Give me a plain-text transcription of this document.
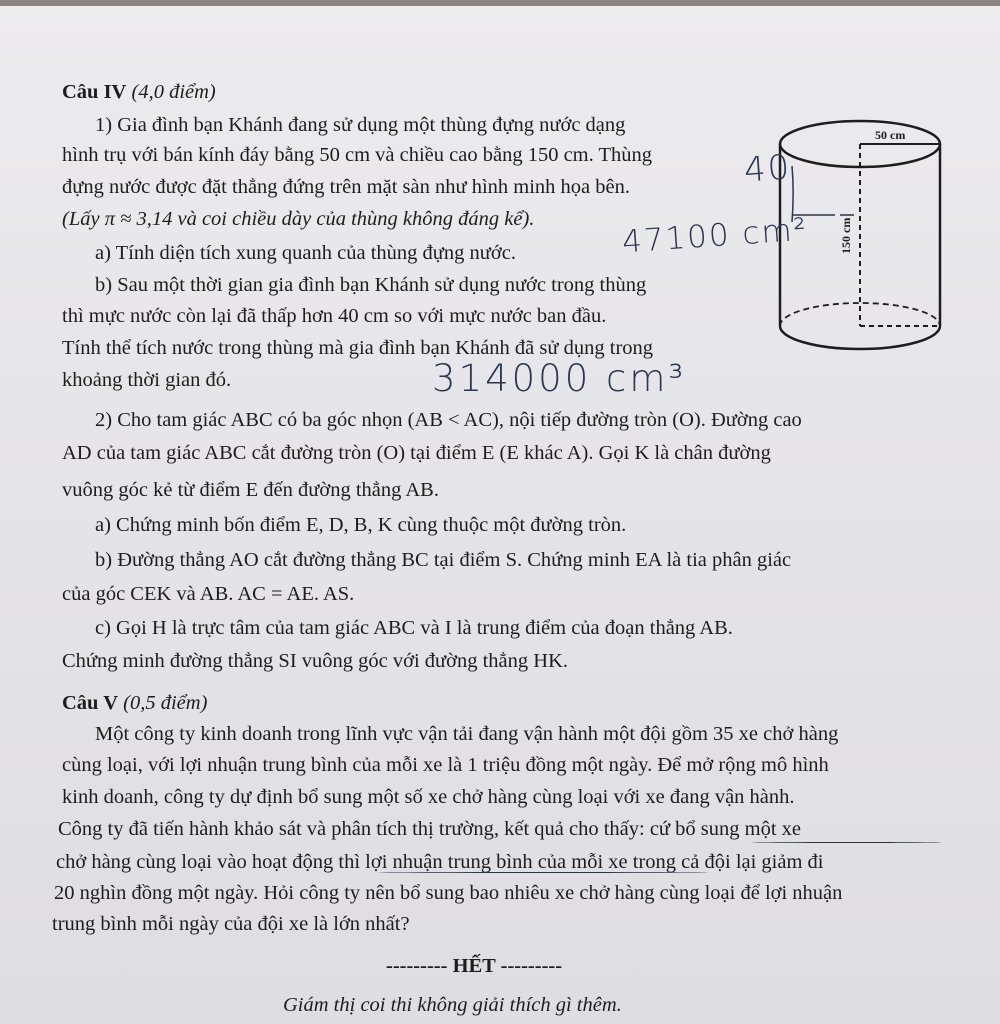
Câu IV (4,0 điểm)
1) Gia đình bạn Khánh đang sử dụng một thùng đựng nước dạng
hình trụ với bán kính đáy bằng 50 cm và chiều cao bằng 150 cm. Thùng
đựng nước được đặt thẳng đứng trên mặt sàn như hình minh họa bên.
(Lấy π ≈ 3,14 và coi chiều dày của thùng không đáng kể).
a) Tính diện tích xung quanh của thùng đựng nước.
b) Sau một thời gian gia đình bạn Khánh sử dụng nước trong thùng
thì mực nước còn lại đã thấp hơn 40 cm so với mực nước ban đầu.
Tính thể tích nước trong thùng mà gia đình bạn Khánh đã sử dụng trong
khoảng thời gian đó.
50 cm
150 cm
40
47100 cm²
314000 cm³
2) Cho tam giác ABC có ba góc nhọn (AB < AC), nội tiếp đường tròn (O). Đường cao
AD của tam giác ABC cắt đường tròn (O) tại điểm E (E khác A). Gọi K là chân đường
vuông góc kẻ từ điểm E đến đường thẳng AB.
a) Chứng minh bốn điểm E, D, B, K cùng thuộc một đường tròn.
b) Đường thẳng AO cắt đường thẳng BC tại điểm S. Chứng minh EA là tia phân giác
của góc CEK và AB. AC = AE. AS.
c) Gọi H là trực tâm của tam giác ABC và I là trung điểm của đoạn thẳng AB.
Chứng minh đường thẳng SI vuông góc với đường thẳng HK.
Câu V (0,5 điểm)
Một công ty kinh doanh trong lĩnh vực vận tải đang vận hành một đội gồm 35 xe chở hàng
cùng loại, với lợi nhuận trung bình của mỗi xe là 1 triệu đồng một ngày. Để mở rộng mô hình
kinh doanh, công ty dự định bổ sung một số xe chở hàng cùng loại với xe đang vận hành.
Công ty đã tiến hành khảo sát và phân tích thị trường, kết quả cho thấy: cứ bổ sung một xe
chở hàng cùng loại vào hoạt động thì lợi nhuận trung bình của mỗi xe trong cả đội lại giảm đi
20 nghìn đồng một ngày. Hỏi công ty nên bổ sung bao nhiêu xe chở hàng cùng loại để lợi nhuận
trung bình mỗi ngày của đội xe là lớn nhất?
--------- HẾT ---------
Giám thị coi thi không giải thích gì thêm.
